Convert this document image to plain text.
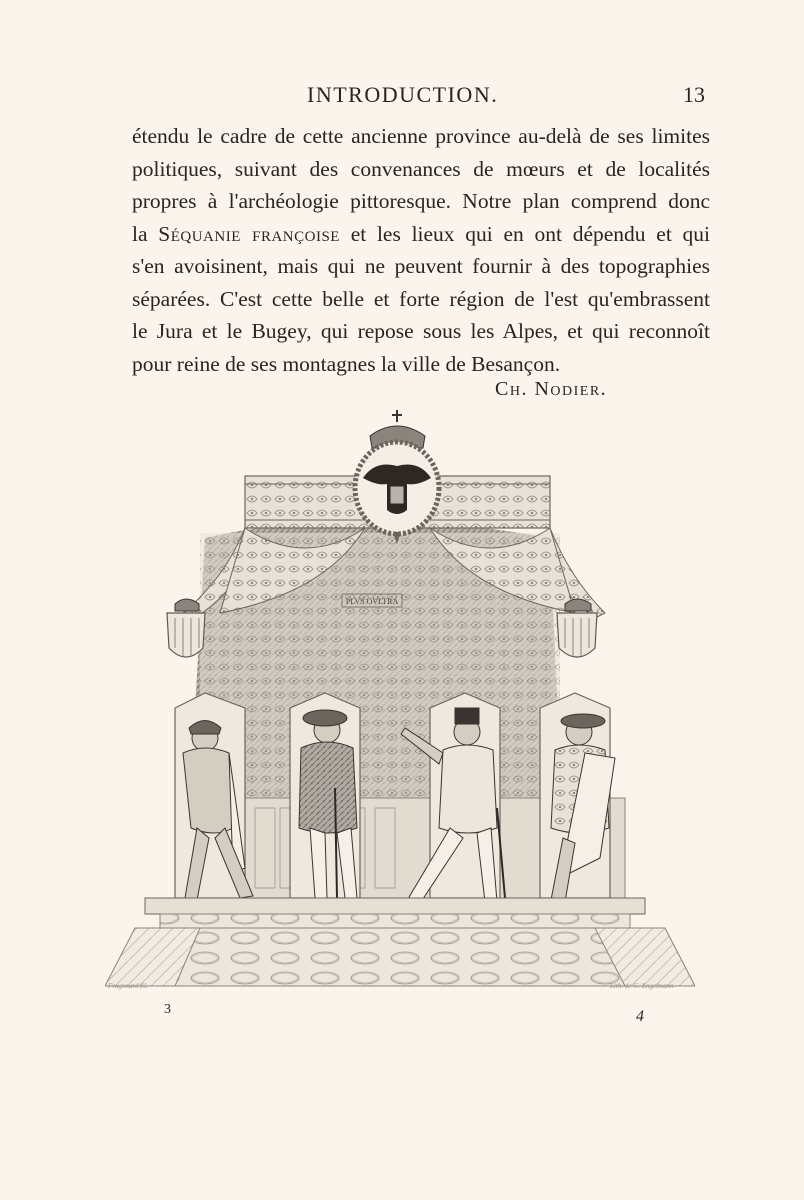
INTRODUCTION.	13
étendu le cadre de cette ancienne province au-delà de ses limites
politiques, suivant des convenances de mœurs et de localités
propres à l'archéologie pittoresque. Notre plan comprend donc
la Séquanie françoise et les lieux qui en ont dépendu et qui
s'en avoisinent, mais qui ne peuvent fournir à des topographies
séparées. C'est cette belle et forte région de l'est qu'embrassent
le Jura et le Bugey, qui repose sous les Alpes, et qui reconnoît
pour reine de ses montagnes la ville de Besançon.
Ch. Nodier.
PLVS OVLTRA
Fragonard fil.	Lith. de G. Engelmann
3	4
